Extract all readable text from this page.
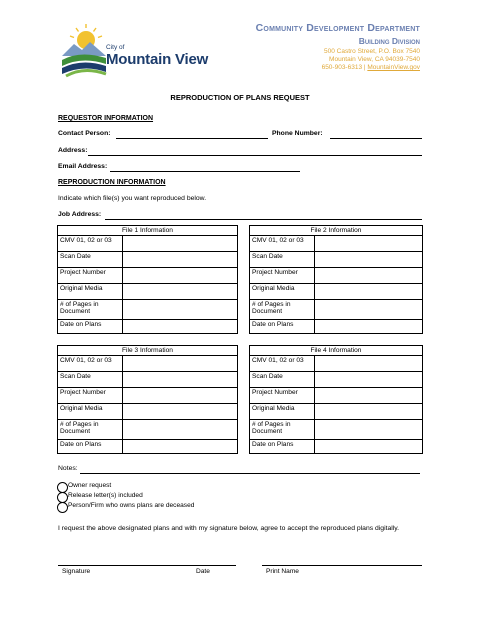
City of
Mountain View
Community Development Department
Building Division
500 Castro Street, P.O. Box 7540
Mountain View, CA 94039-7540
650-903-6313 | MountainView.gov
REPRODUCTION OF PLANS REQUEST
REQUESTOR INFORMATION
Contact Person:	Phone Number:
Address:
Email Address:
REPRODUCTION INFORMATION
Indicate which file(s) you want reproduced below.
Job Address:
File 1 Information	
CMV 01, 02 or 03	
Scan Date	
Project Number	
Original Media	
# of Pages in
Document	
Date on Plans	
File 2 Information	
CMV 01, 02 or 03	
Scan Date	
Project Number	
Original Media	
# of Pages in
Document	
Date on Plans	
File 3 Information	
CMV 01, 02 or 03	
Scan Date	
Project Number	
Original Media	
# of Pages in
Document	
Date on Plans	
File 4 Information	
CMV 01, 02 or 03	
Scan Date	
Project Number	
Original Media	
# of Pages in
Document	
Date on Plans	
Notes:
Owner request
Release letter(s) included
Person/Firm who owns plans are deceased
I request the above designated plans and with my signature below, agree to accept the reproduced plans digitally.
Signature	Date	Print Name
